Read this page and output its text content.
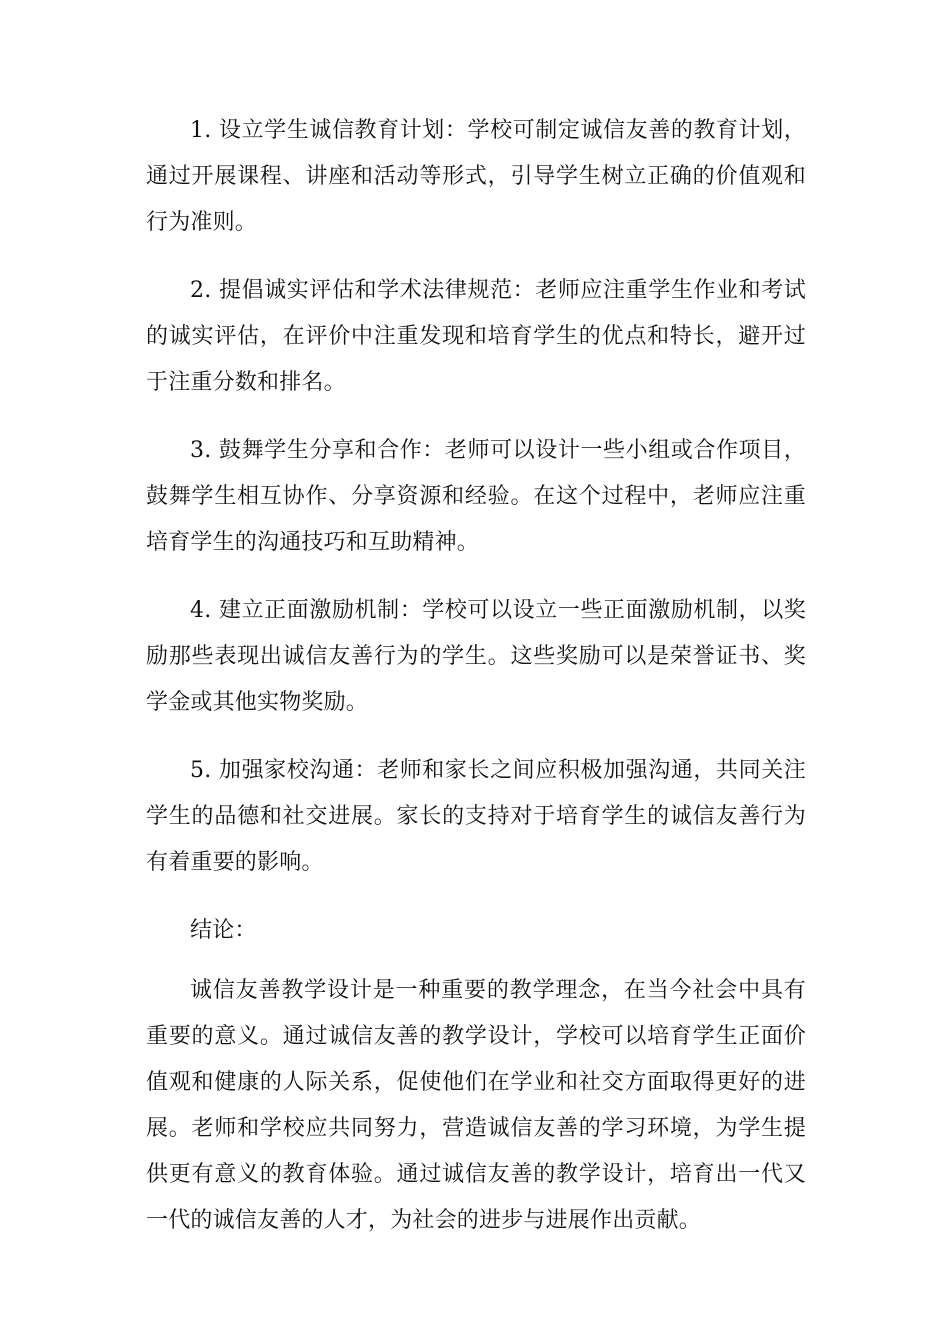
1. 设立学生诚信教育计划：学校可制定诚信友善的教育计划，通过开展课程、讲座和活动等形式，引导学生树立正确的价值观和行为准则。

2. 提倡诚实评估和学术法律规范：老师应注重学生作业和考试的诚实评估，在评价中注重发现和培育学生的优点和特长，避开过于注重分数和排名。

3. 鼓舞学生分享和合作：老师可以设计一些小组或合作项目，鼓舞学生相互协作、分享资源和经验。在这个过程中，老师应注重培育学生的沟通技巧和互助精神。

4. 建立正面激励机制：学校可以设立一些正面激励机制，以奖励那些表现出诚信友善行为的学生。这些奖励可以是荣誉证书、奖学金或其他实物奖励。

5. 加强家校沟通：老师和家长之间应积极加强沟通，共同关注学生的品德和社交进展。家长的支持对于培育学生的诚信友善行为有着重要的影响。

结论：

诚信友善教学设计是一种重要的教学理念，在当今社会中具有重要的意义。通过诚信友善的教学设计，学校可以培育学生正面价值观和健康的人际关系，促使他们在学业和社交方面取得更好的进展。老师和学校应共同努力，营造诚信友善的学习环境，为学生提供更有意义的教育体验。通过诚信友善的教学设计，培育出一代又一代的诚信友善的人才，为社会的进步与进展作出贡献。
